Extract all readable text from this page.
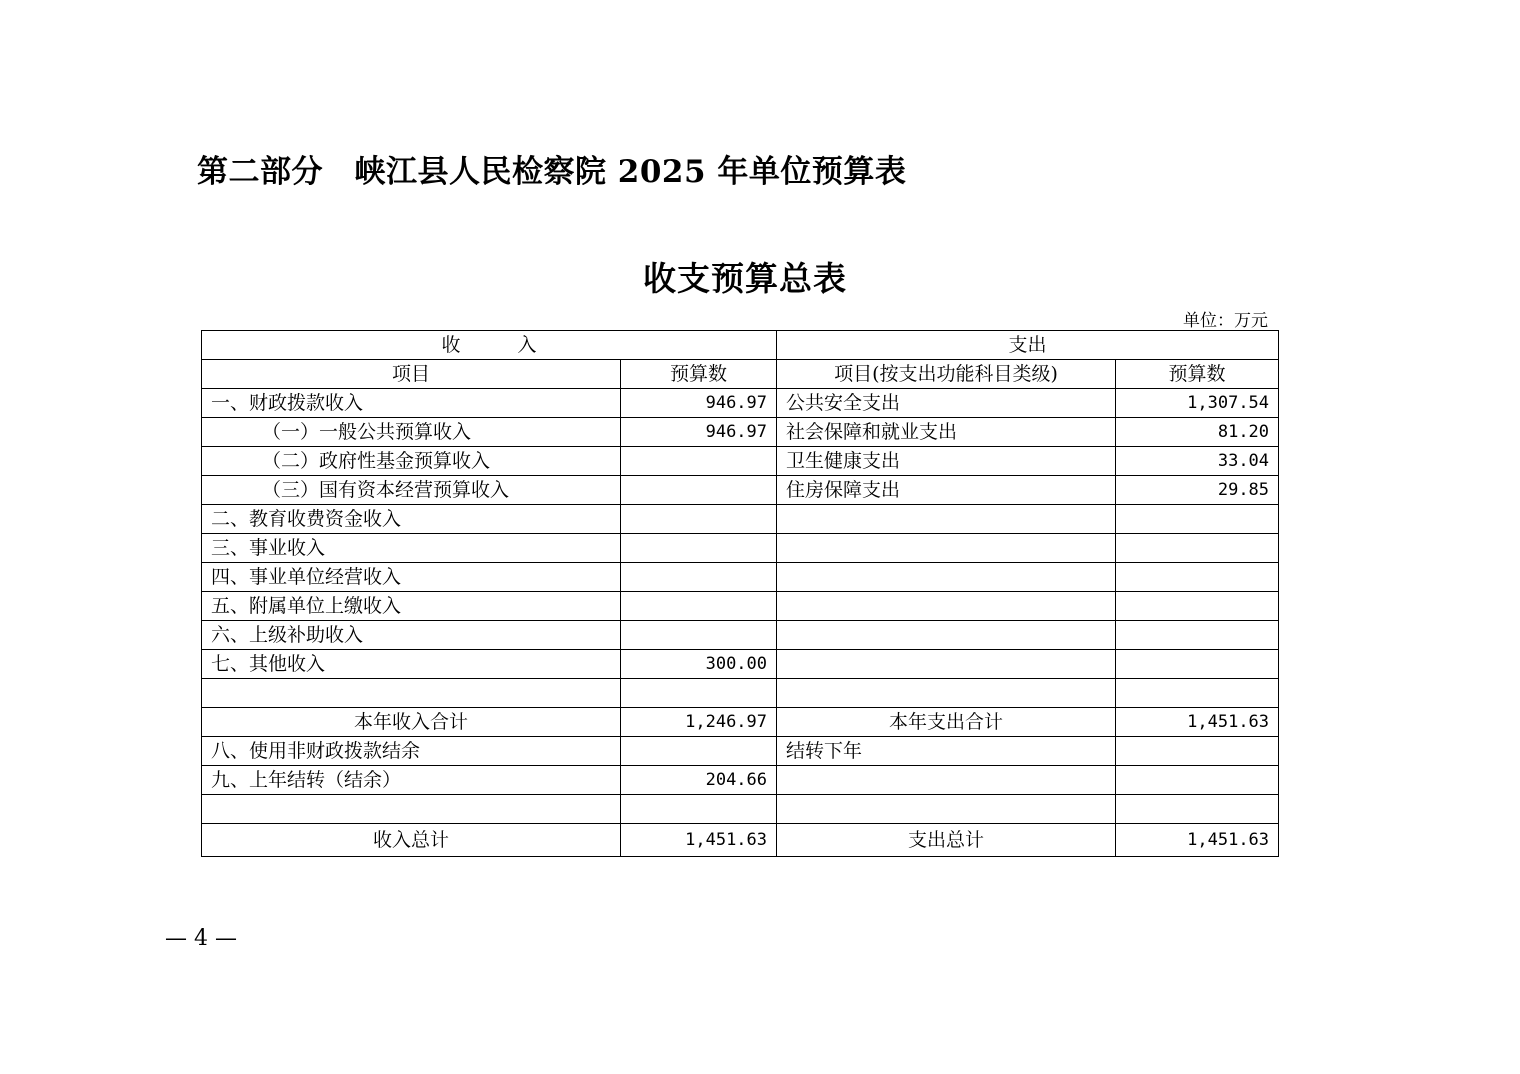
第二部分　峡江县人民检察院 2025 年单位预算表
收支预算总表
单位：万元
收　　　入		支出	
项目	预算数	项目(按支出功能科目类级)	预算数
一、财政拨款收入	946.97	公共安全支出	1,307.54
（一）一般公共预算收入	946.97	社会保障和就业支出	81.20
（二）政府性基金预算收入		卫生健康支出	33.04
（三）国有资本经营预算收入		住房保障支出	29.85
二、教育收费资金收入			
三、事业收入			
四、事业单位经营收入			
五、附属单位上缴收入			
六、上级补助收入			
七、其他收入	300.00		

本年收入合计	1,246.97	本年支出合计	1,451.63
八、使用非财政拨款结余		结转下年	
九、上年结转（结余）	204.66		

收入总计	1,451.63	支出总计	1,451.63
— 4 —
